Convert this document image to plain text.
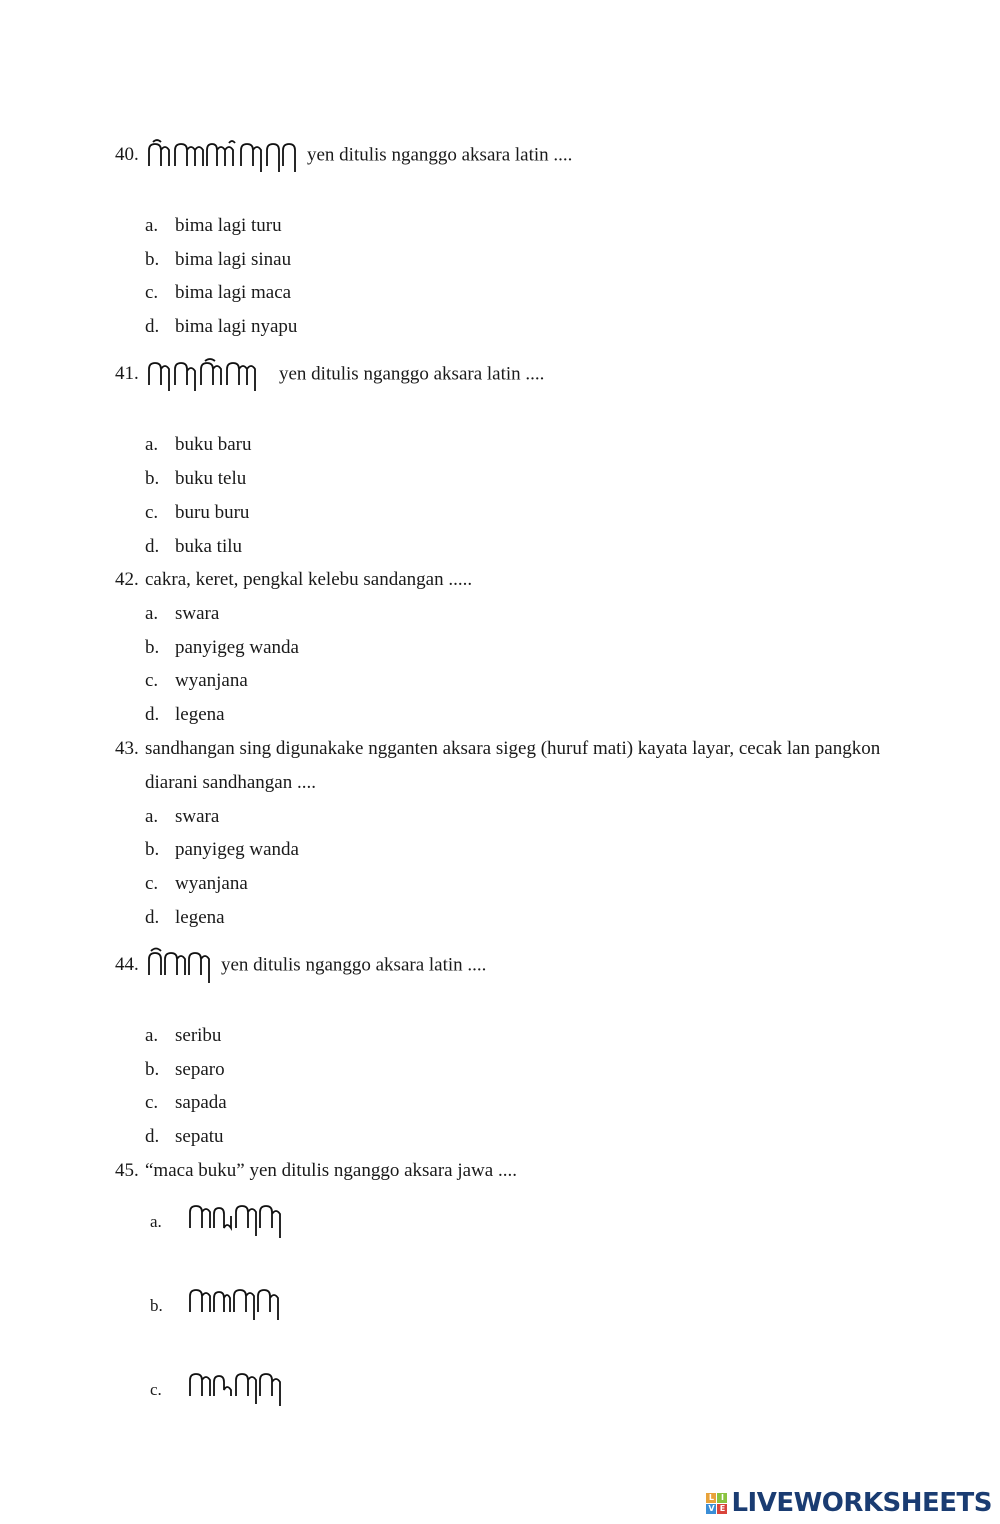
40.	yen ditulis nganggo aksara latin ....
a. bima lagi turu
b. bima lagi sinau
c. bima lagi maca
d. bima lagi nyapu
41.	yen ditulis nganggo aksara latin ....
a. buku baru
b. buku telu
c. buru buru
d. buka tilu
42. cakra, keret, pengkal kelebu sandangan .....
a. swara
b. panyigeg wanda
c. wyanjana
d. legena
43. sandhangan sing digunakake ngganten aksara sigeg (huruf mati) kayata layar, cecak lan pangkon
diarani sandhangan ....
a. swara
b. panyigeg wanda
c. wyanjana
d. legena
44.	yen ditulis nganggo aksara latin ....
a. seribu
b. separo
c. sapada
d. sepatu
45. “maca buku” yen ditulis nganggo aksara jawa ....
a.
b.
c.
L I
V E LIVEWORKSHEETS
